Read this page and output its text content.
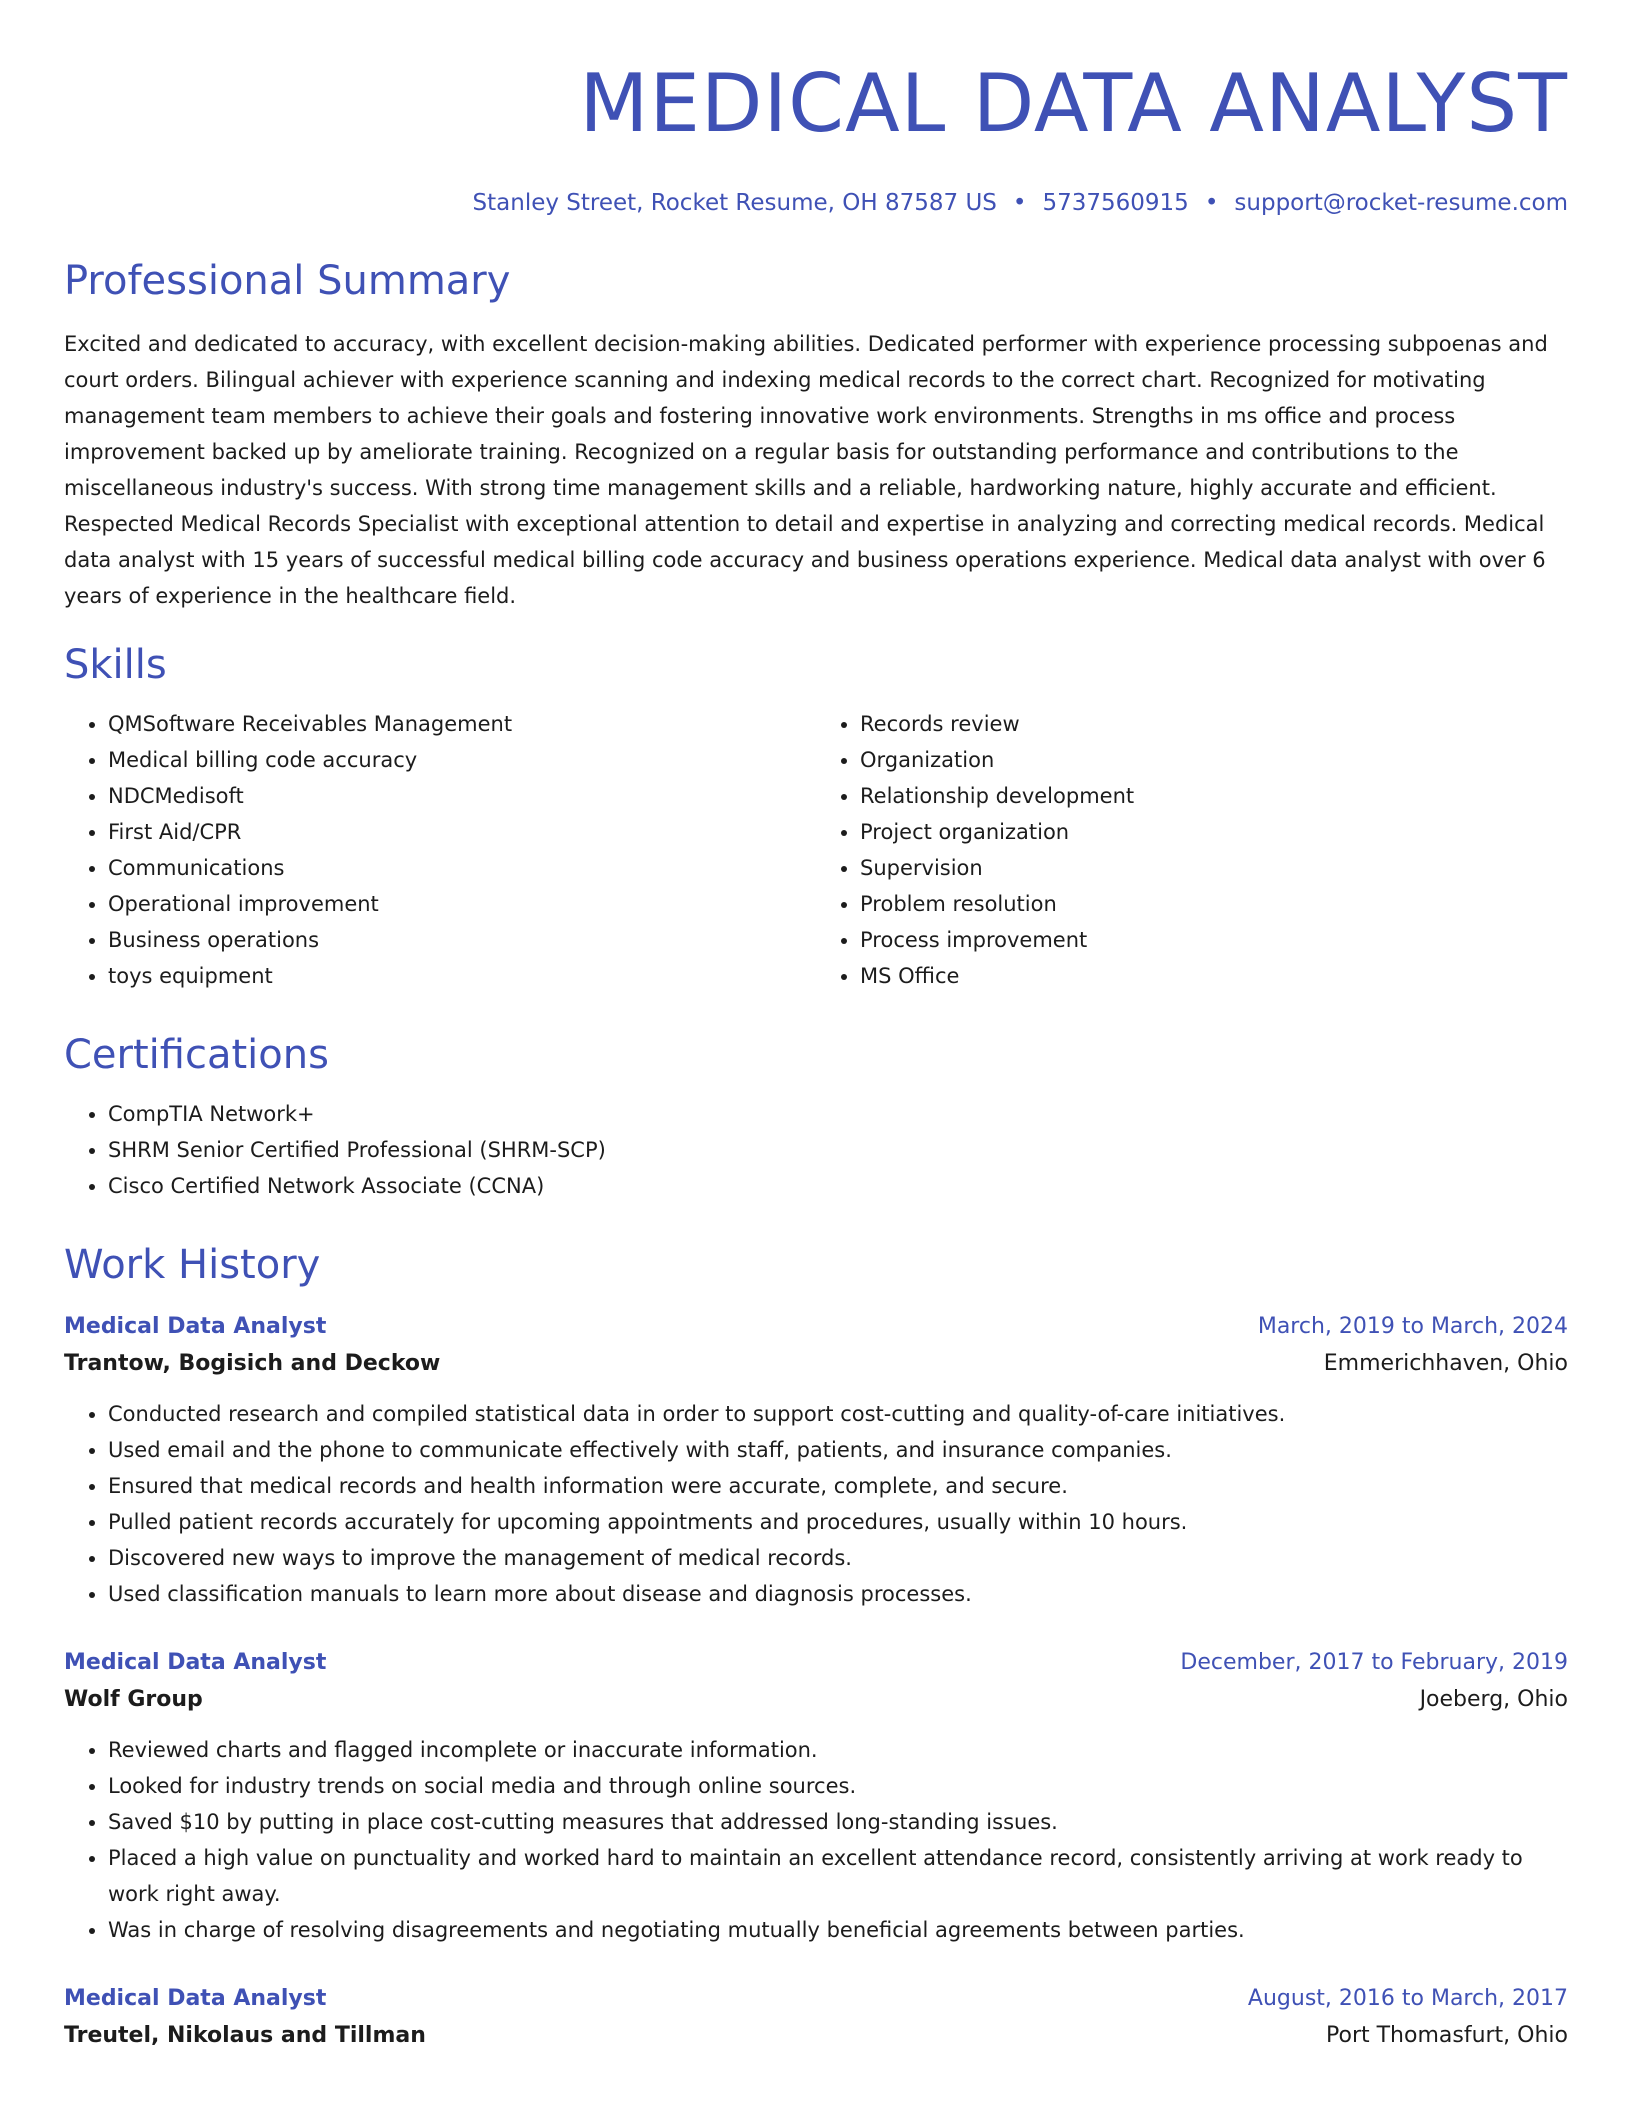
MEDICAL DATA ANALYST
Stanley Street, Rocket Resume, OH 87587 US • 5737560915 • support@rocket-resume.com
Professional Summary

Excited and dedicated to accuracy, with excellent decision-making abilities. Dedicated performer with experience processing subpoenas and court orders. Bilingual achiever with experience scanning and indexing medical records to the correct chart. Recognized for motivating management team members to achieve their goals and fostering innovative work environments. Strengths in ms office and process improvement backed up by ameliorate training. Recognized on a regular basis for outstanding performance and contributions to the miscellaneous industry's success. With strong time management skills and a reliable, hardworking nature, highly accurate and efficient. Respected Medical Records Specialist with exceptional attention to detail and expertise in analyzing and correcting medical records. Medical data analyst with 15 years of successful medical billing code accuracy and business operations experience. Medical data analyst with over 6 years of experience in the healthcare field.

Skills
• QMSoftware Receivables Management
• Medical billing code accuracy
• NDCMedisoft
• First Aid/CPR
• Communications
• Operational improvement
• Business operations
• toys equipment
• Records review
• Organization
• Relationship development
• Project organization
• Supervision
• Problem resolution
• Process improvement
• MS Office
Certifications
• CompTIA Network+
• SHRM Senior Certified Professional (SHRM-SCP)
• Cisco Certified Network Associate (CCNA)
Work History
Medical Data Analyst	March, 2019 to March, 2024
Trantow, Bogisich and Deckow	Emmerichhaven, Ohio
• Conducted research and compiled statistical data in order to support cost-cutting and quality-of-care initiatives.
• Used email and the phone to communicate effectively with staff, patients, and insurance companies.
• Ensured that medical records and health information were accurate, complete, and secure.
• Pulled patient records accurately for upcoming appointments and procedures, usually within 10 hours.
• Discovered new ways to improve the management of medical records.
• Used classification manuals to learn more about disease and diagnosis processes.
Medical Data Analyst	December, 2017 to February, 2019
Wolf Group	Joeberg, Ohio
• Reviewed charts and flagged incomplete or inaccurate information.
• Looked for industry trends on social media and through online sources.
• Saved $10 by putting in place cost-cutting measures that addressed long-standing issues.
• Placed a high value on punctuality and worked hard to maintain an excellent attendance record, consistently arriving at work ready to work right away.
• Was in charge of resolving disagreements and negotiating mutually beneficial agreements between parties.
Medical Data Analyst	August, 2016 to March, 2017
Treutel, Nikolaus and Tillman	Port Thomasfurt, Ohio
